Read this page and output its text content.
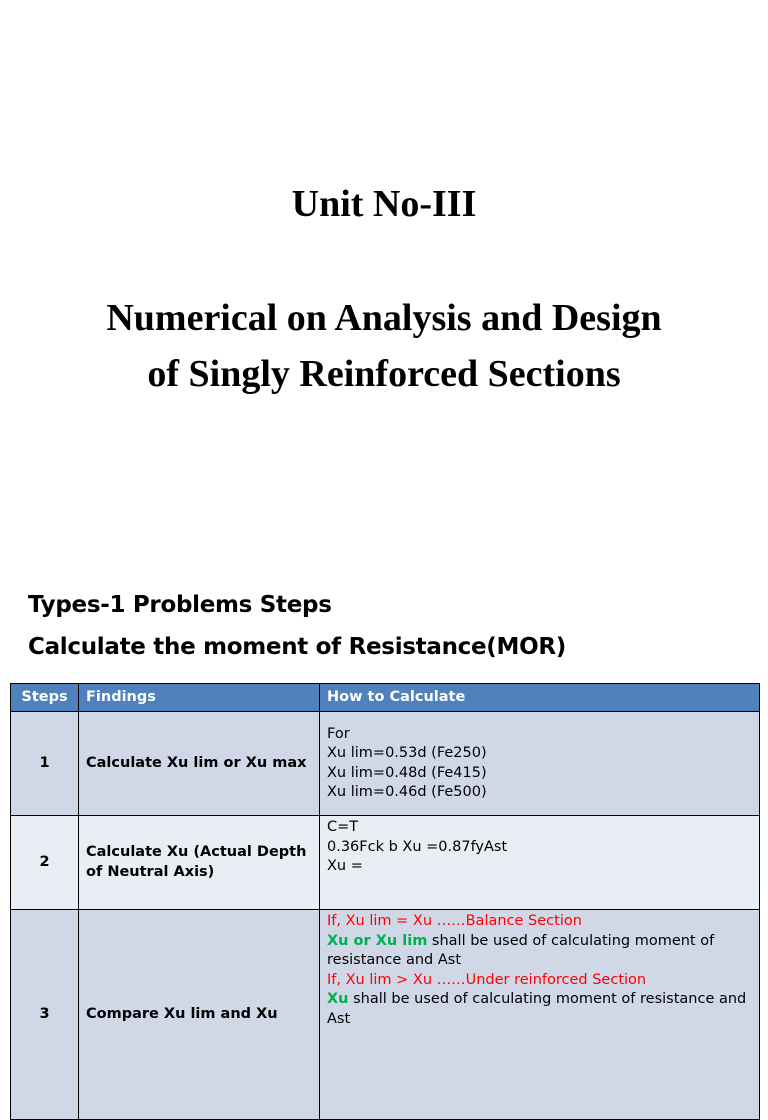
Unit No-III
Numerical on Analysis and Design
of Singly Reinforced Sections
Types-1 Problems Steps
Calculate the moment of Resistance(MOR)
Steps	Findings	How to Calculate
1	Calculate Xu lim or Xu max	For
Xu lim=0.53d (Fe250)
Xu lim=0.48d (Fe415)
Xu lim=0.46d (Fe500)

2	Calculate Xu (Actual Depth of Neutral Axis)	C=T
0.36Fck b Xu =0.87fyAst
Xu =

3	Compare Xu lim and Xu	If, Xu lim = Xu ……Balance Section
Xu or Xu lim shall be used of calculating moment of resistance and Ast
If, Xu lim > Xu ……Under reinforced Section
Xu shall be used of calculating moment of resistance and Ast
